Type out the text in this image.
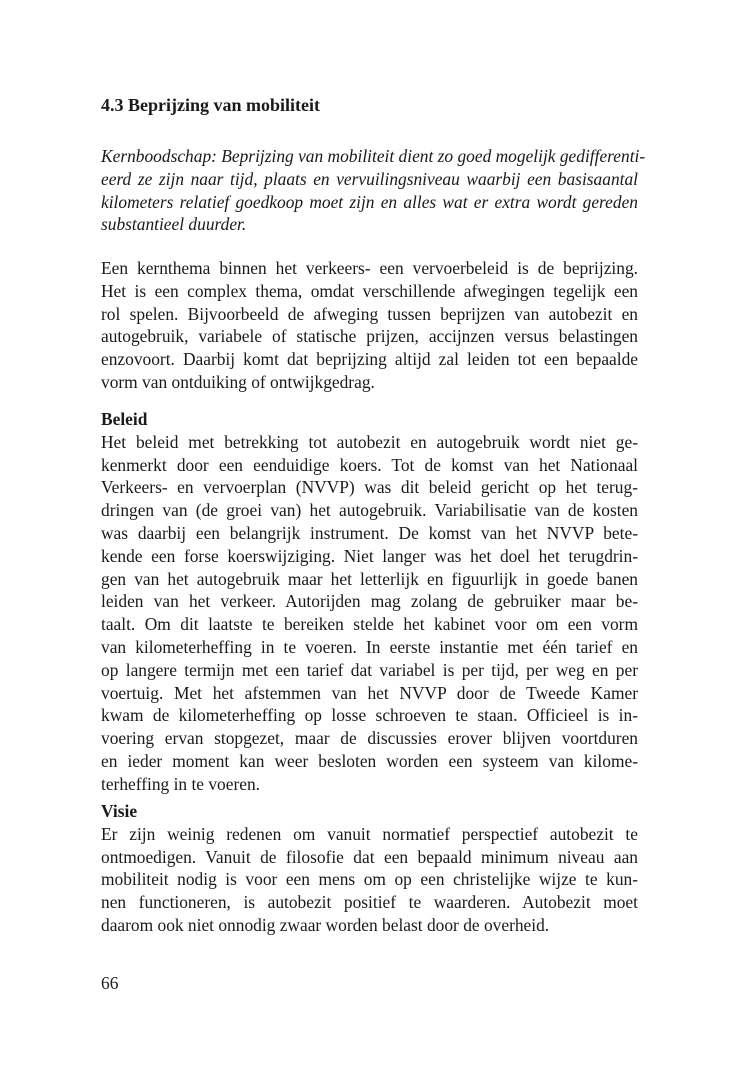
4.3 Beprijzing van mobiliteit
Kernboodschap: Beprijzing van mobiliteit dient zo goed mogelijk gedifferenti-
eerd ze zijn naar tijd, plaats en vervuilingsniveau waarbij een basisaantal
kilometers relatief goedkoop moet zijn en alles wat er extra wordt gereden
substantieel duurder.
Een kernthema binnen het verkeers- een vervoerbeleid is de beprijzing.
Het is een complex thema, omdat verschillende afwegingen tegelijk een
rol spelen. Bijvoorbeeld de afweging tussen beprijzen van autobezit en
autogebruik, variabele of statische prijzen, accijnzen versus belastingen
enzovoort. Daarbij komt dat beprijzing altijd zal leiden tot een bepaalde
vorm van ontduiking of ontwijkgedrag.
Beleid
Het beleid met betrekking tot autobezit en autogebruik wordt niet ge-
kenmerkt door een eenduidige koers. Tot de komst van het Nationaal
Verkeers- en vervoerplan (NVVP) was dit beleid gericht op het terug-
dringen van (de groei van) het autogebruik. Variabilisatie van de kosten
was daarbij een belangrijk instrument. De komst van het NVVP bete-
kende een forse koerswijziging. Niet langer was het doel het terugdrin-
gen van het autogebruik maar het letterlijk en figuurlijk in goede banen
leiden van het verkeer. Autorijden mag zolang de gebruiker maar be-
taalt. Om dit laatste te bereiken stelde het kabinet voor om een vorm
van kilometerheffing in te voeren. In eerste instantie met één tarief en
op langere termijn met een tarief dat variabel is per tijd, per weg en per
voertuig. Met het afstemmen van het NVVP door de Tweede Kamer
kwam de kilometerheffing op losse schroeven te staan. Officieel is in-
voering ervan stopgezet, maar de discussies erover blijven voortduren
en ieder moment kan weer besloten worden een systeem van kilome-
terheffing in te voeren.
Visie
Er zijn weinig redenen om vanuit normatief perspectief autobezit te
ontmoedigen. Vanuit de filosofie dat een bepaald minimum niveau aan
mobiliteit nodig is voor een mens om op een christelijke wijze te kun-
nen functioneren, is autobezit positief te waarderen. Autobezit moet
daarom ook niet onnodig zwaar worden belast door de overheid.
66
